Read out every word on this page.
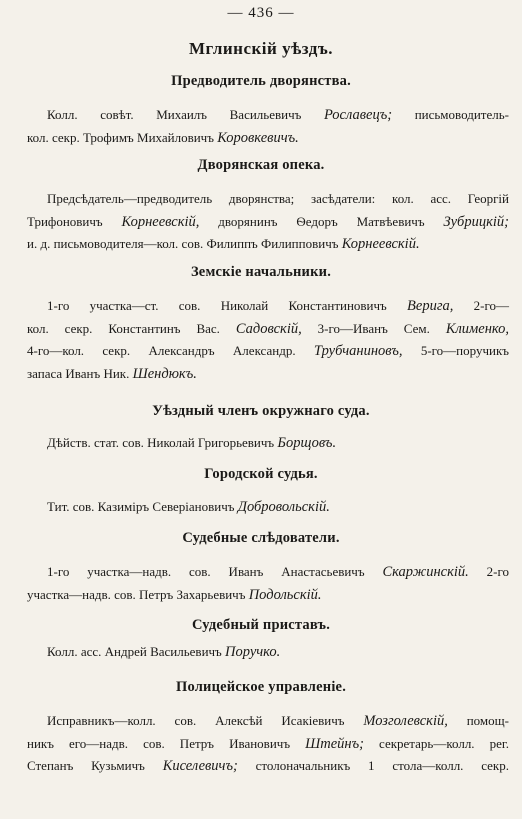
— 436 —
Мглинскій уѣздъ.
Предводитель дворянства.
Колл. совѣт. Михаилъ Васильевичъ Рославецъ; письмоводитель-
кол. секр. Трофимъ Михайловичъ Коровкевичъ.
Дворянская опека.
Предсѣдатель—предводитель дворянства; засѣдатели: кол. асс. Георгій
Трифоновичъ Корнеевскій, дворянинъ Ѳедоръ Матвѣевичъ Зубрицкій;
и. д. письмоводителя—кол. сов. Филиппъ Филипповичъ Корнеевскій.
Земскіе начальники.
1-го участка—ст. сов. Николай Константиновичъ Верига, 2-го—
кол. секр. Константинъ Вас. Садовскій, 3-го—Иванъ Сем. Клименко,
4-го—кол. секр. Александръ Александр. Трубчаниновъ, 5-го—поручикъ
запаса Иванъ Ник. Шендюкъ.
Уѣздный членъ окружнаго суда.
Дѣйств. стат. сов. Николай Григорьевичъ Борщовъ.
Городской судья.
Тит. сов. Казиміръ Северіановичъ Добровольскій.
Судебные слѣдователи.
1-го участка—надв. сов. Иванъ Анастасьевичъ Скаржинскій. 2-го
участка—надв. сов. Петръ Захарьевичъ Подольскій.
Судебный приставъ.
Колл. асс. Андрей Васильевичъ Поручко.
Полицейское управленіе.
Исправникъ—колл. сов. Алексѣй Исакіевичъ Мозголевскій, помощ-
никъ его—надв. сов. Петръ Ивановичъ Штейнъ; секретарь—колл. рег.
Степанъ Кузьмичъ Киселевичъ; столоначальникъ 1 стола—колл. секр.
